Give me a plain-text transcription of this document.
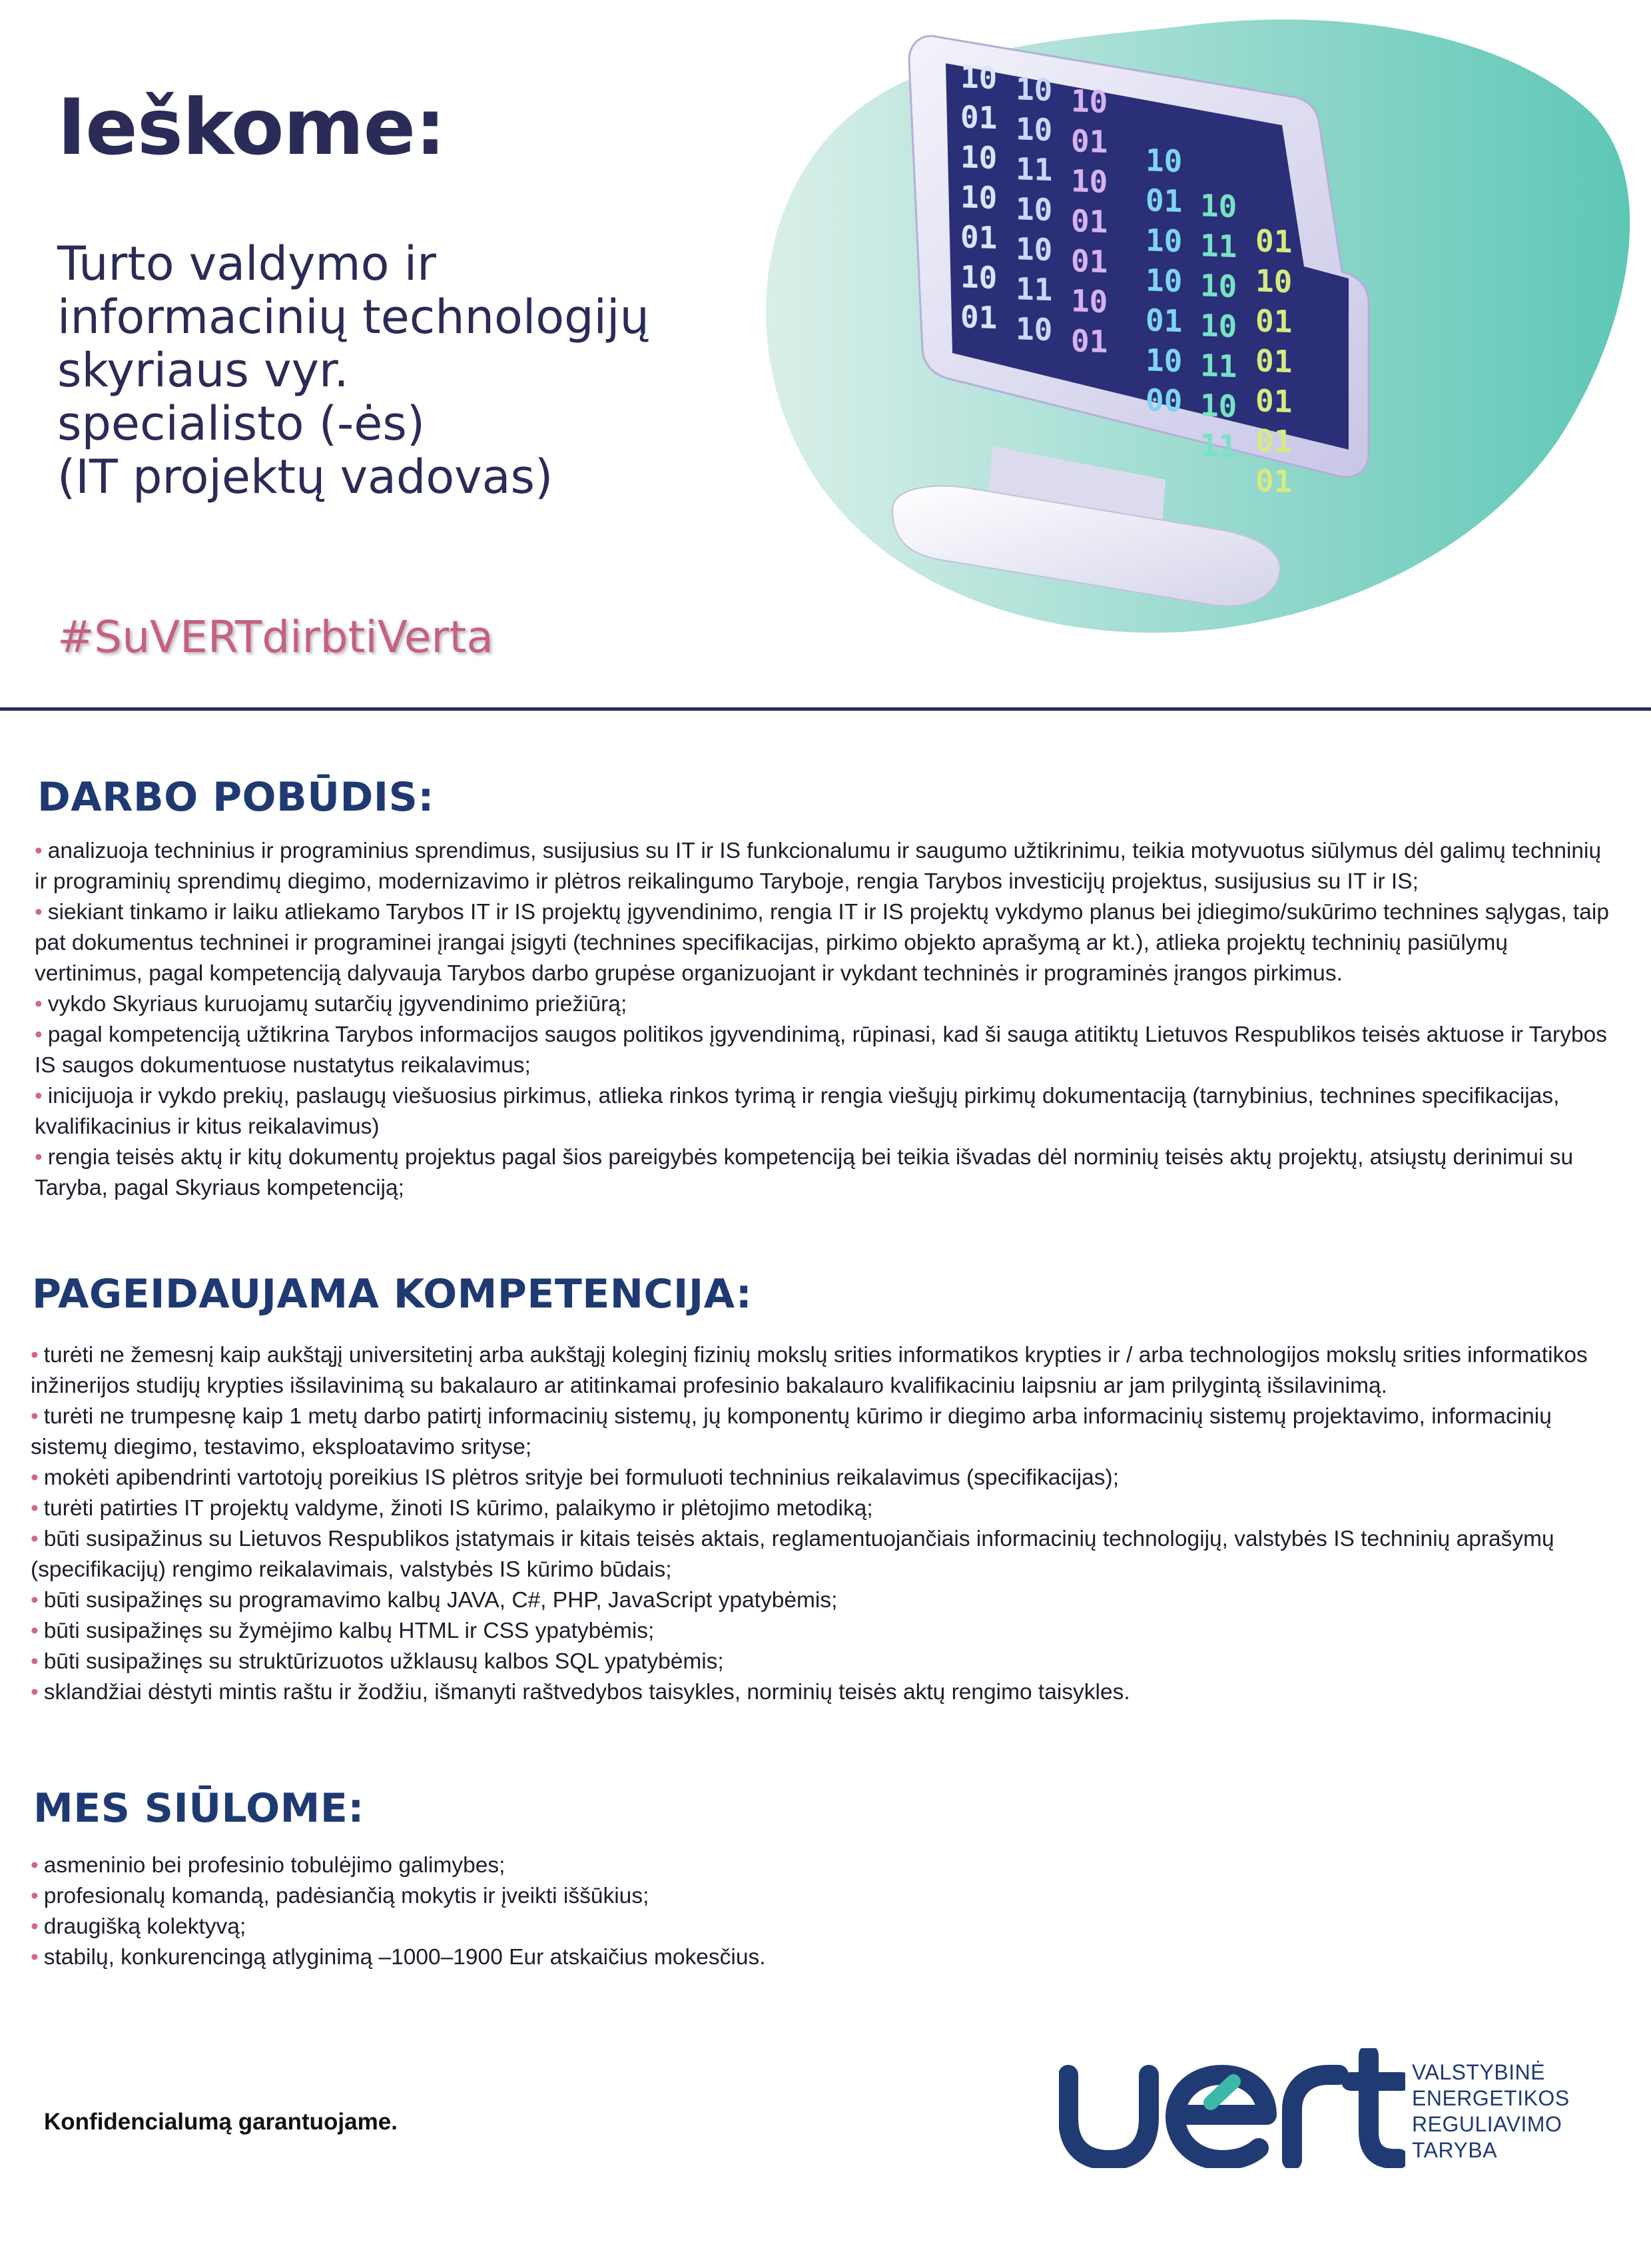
Ieškome:
Turto valdymo ir
informacinių technologijų
skyriaus vyr.
specialisto (-ės)
(IT projektų vadovas)
#SuVERTdirbtiVerta
10
01
10
10
01
10
01
10
10
11
10
10
11
10
10
01
10
01
01
10
01
10
01
10
10
01
10
00
10
11
10
10
11
10
11
01
10
01
01
01
01
01
DARBO POBŪDIS:
• analizuoja techninius ir programinius sprendimus, susijusius su IT ir IS funkcionalumu ir saugumo užtikrinimu, teikia motyvuotus siūlymus dėl galimų techninių ir programinių sprendimų diegimo, modernizavimo ir plėtros reikalingumo Taryboje, rengia Tarybos investicijų projektus, susijusius su IT ir IS;
• siekiant tinkamo ir laiku atliekamo Tarybos IT ir IS projektų įgyvendinimo, rengia IT ir IS projektų vykdymo planus bei įdiegimo/sukūrimo technines sąlygas, taip pat dokumentus techninei ir programinei įrangai įsigyti (technines specifikacijas, pirkimo objekto aprašymą ar kt.), atlieka projektų techninių pasiūlymų vertinimus, pagal kompetenciją dalyvauja Tarybos darbo grupėse organizuojant ir vykdant techninės ir programinės įrangos pirkimus.
• vykdo Skyriaus kuruojamų sutarčių įgyvendinimo priežiūrą;
• pagal kompetenciją užtikrina Tarybos informacijos saugos politikos įgyvendinimą, rūpinasi, kad ši sauga atitiktų Lietuvos Respublikos teisės aktuose ir Tarybos IS saugos dokumentuose nustatytus reikalavimus;
• inicijuoja ir vykdo prekių, paslaugų viešuosius pirkimus, atlieka rinkos tyrimą ir rengia viešųjų pirkimų dokumentaciją (tarnybinius, technines specifikacijas, kvalifikacinius ir kitus reikalavimus)
• rengia teisės aktų ir kitų dokumentų projektus pagal šios pareigybės kompetenciją bei teikia išvadas dėl norminių teisės aktų projektų, atsiųstų derinimui su Taryba, pagal Skyriaus kompetenciją;
PAGEIDAUJAMA KOMPETENCIJA:
• turėti ne žemesnį kaip aukštąjį universitetinį arba aukštąjį koleginį fizinių mokslų srities informatikos krypties ir / arba technologijos mokslų srities informatikos inžinerijos studijų krypties išsilavinimą su bakalauro ar atitinkamai profesinio bakalauro kvalifikaciniu laipsniu ar jam prilygintą išsilavinimą.
• turėti ne trumpesnę kaip 1 metų darbo patirtį informacinių sistemų, jų komponentų kūrimo ir diegimo arba informacinių sistemų projektavimo, informacinių sistemų diegimo, testavimo, eksploatavimo srityse;
• mokėti apibendrinti vartotojų poreikius IS plėtros srityje bei formuluoti techninius reikalavimus (specifikacijas);
• turėti patirties IT projektų valdyme, žinoti IS kūrimo, palaikymo ir plėtojimo metodiką;
• būti susipažinus su Lietuvos Respublikos įstatymais ir kitais teisės aktais, reglamentuojančiais informacinių technologijų, valstybės IS techninių aprašymų (specifikacijų) rengimo reikalavimais, valstybės IS kūrimo būdais;
• būti susipažinęs su programavimo kalbų JAVA, C#, PHP, JavaScript ypatybėmis;
• būti susipažinęs su žymėjimo kalbų HTML ir CSS ypatybėmis;
• būti susipažinęs su struktūrizuotos užklausų kalbos SQL ypatybėmis;
• sklandžiai dėstyti mintis raštu ir žodžiu, išmanyti raštvedybos taisykles, norminių teisės aktų rengimo taisykles.
MES SIŪLOME:
• asmeninio bei profesinio tobulėjimo galimybes;
• profesionalų komandą, padėsiančią mokytis ir įveikti iššūkius;
• draugišką kolektyvą;
• stabilų, konkurencingą atlyginimą –1000–1900 Eur atskaičius mokesčius.
Konfidencialumą garantuojame.
VALSTYBINĖ
ENERGETIKOS
REGULIAVIMO
TARYBA
